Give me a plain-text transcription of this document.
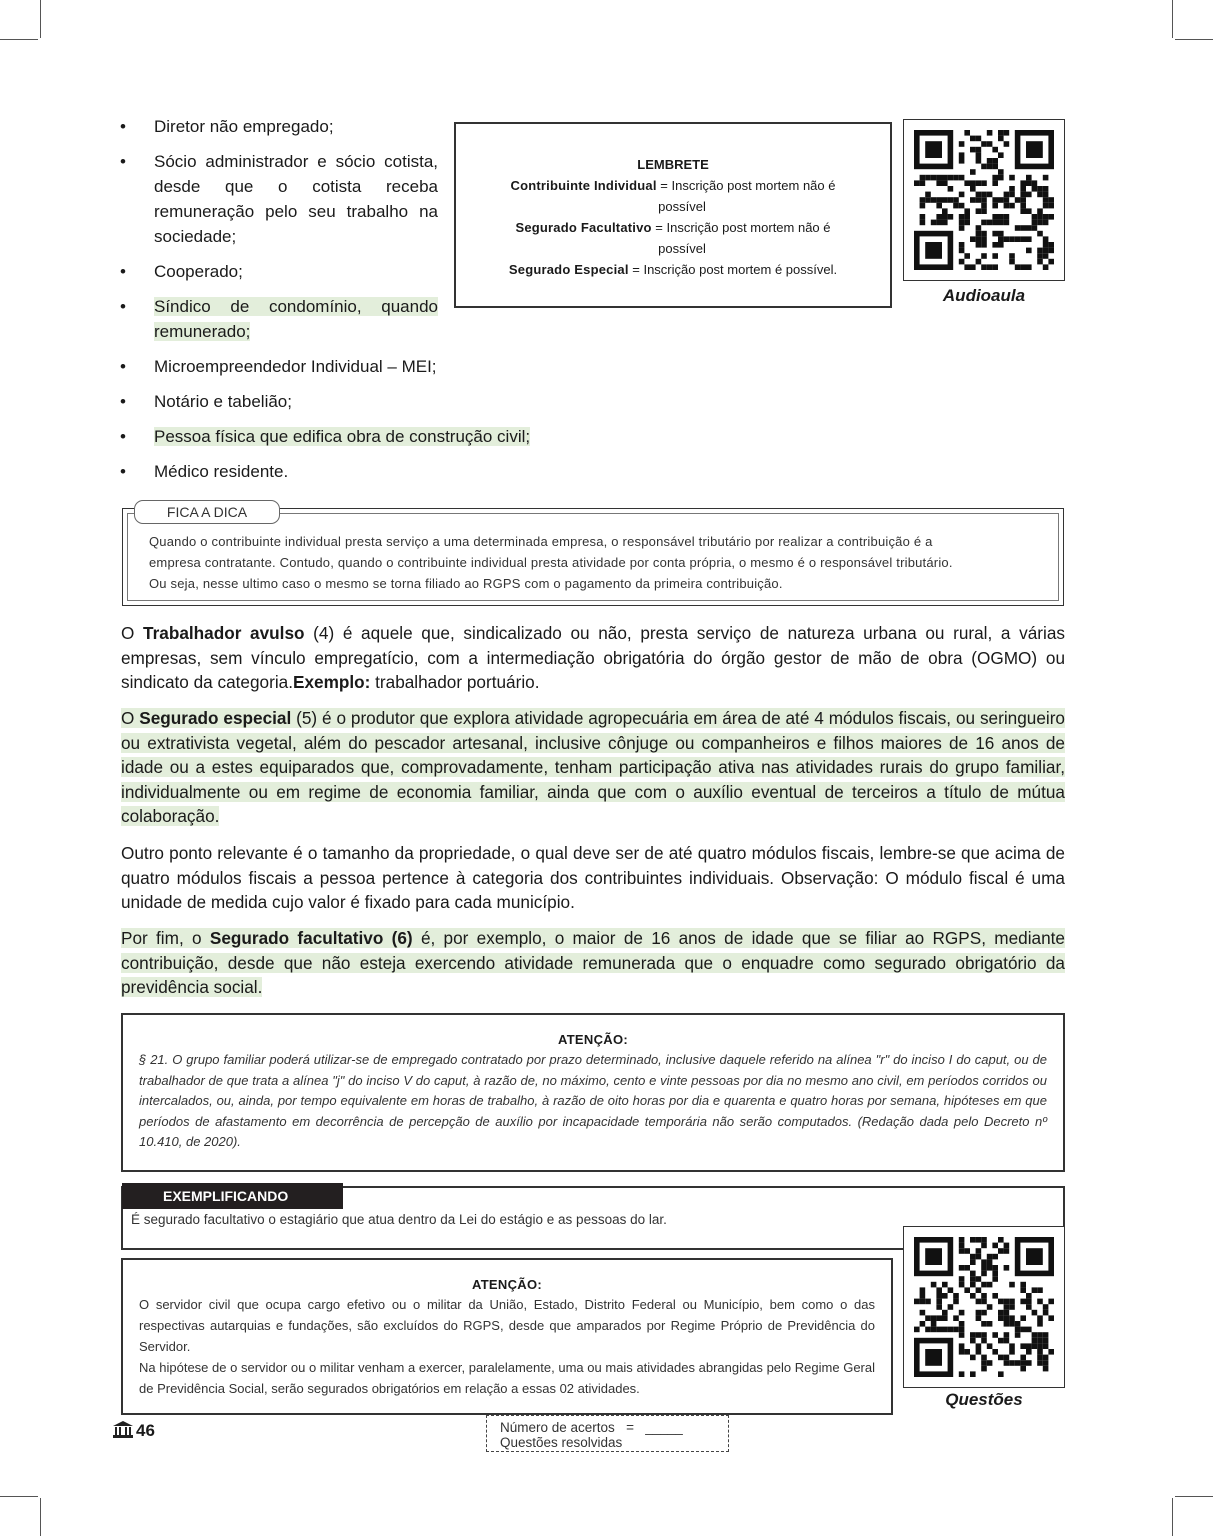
• Diretor não empregado;
• Sócio administrador e sócio cotista, desde que o cotista receba remuneração pelo seu trabalho na sociedade;
• Cooperado;
• Síndico de condomínio, quando remunerado;
• Microempreendedor Individual – MEI;
• Notário e tabelião;
• Pessoa física que edifica obra de construção civil;
• Médico residente.
LEMBRETE
Contribuinte Individual = Inscrição post mortem não é
possível
Segurado Facultativo = Inscrição post mortem não é
possível
Segurado Especial = Inscrição post mortem é possível.
Audioaula
FICA A DICA
Quando o contribuinte individual presta serviço a uma determinada empresa, o responsável tributário por realizar a contribuição é a
empresa contratante. Contudo, quando o contribuinte individual presta atividade por conta própria, o mesmo é o responsável tributário.
Ou seja, nesse ultimo caso o mesmo se torna filiado ao RGPS com o pagamento da primeira contribuição.
O Trabalhador avulso (4) é aquele que, sindicalizado ou não, presta serviço de natureza urbana ou rural, a várias empresas, sem vínculo empregatício, com a intermediação obrigatória do órgão gestor de mão de obra (OGMO) ou sindicato da categoria.Exemplo: trabalhador portuário.
O Segurado especial (5) é o produtor que explora atividade agropecuária em área de até 4 módulos fiscais, ou seringueiro ou extrativista vegetal, além do pescador artesanal, inclusive cônjuge ou companheiros e filhos maiores de 16 anos de idade ou a estes equiparados que, comprovadamente, tenham participação ativa nas atividades rurais do grupo familiar, individualmente ou em regime de economia familiar, ainda que com o auxílio eventual de terceiros a título de mútua colaboração.
Outro ponto relevante é o tamanho da propriedade, o qual deve ser de até quatro módulos fiscais, lembre-se que acima de quatro módulos fiscais a pessoa pertence à categoria dos contribuintes individuais. Observação: O módulo fiscal é uma unidade de medida cujo valor é fixado para cada município.
Por fim, o Segurado facultativo (6) é, por exemplo, o maior de 16 anos de idade que se filiar ao RGPS, mediante contribuição, desde que não esteja exercendo atividade remunerada que o enquadre como segurado obrigatório da previdência social.
ATENÇÃO:
§ 21. O grupo familiar poderá utilizar-se de empregado contratado por prazo determinado, inclusive daquele referido na alínea "r" do inciso I do caput, ou de trabalhador de que trata a alínea "j" do inciso V do caput, à razão de, no máximo, cento e vinte pessoas por dia no mesmo ano civil, em períodos corridos ou intercalados, ou, ainda, por tempo equivalente em horas de trabalho, à razão de oito horas por dia e quarenta e quatro horas por semana, hipóteses em que períodos de afastamento em decorrência de percepção de auxílio por incapacidade temporária não serão computados. (Redação dada pelo Decreto nº 10.410, de 2020).
EXEMPLIFICANDO
É segurado facultativo o estagiário que atua dentro da Lei do estágio e as pessoas do lar.
ATENÇÃO:
O servidor civil que ocupa cargo efetivo ou o militar da União, Estado, Distrito Federal ou Município, bem como o das respectivas autarquias e fundações, são excluídos do RGPS, desde que amparados por Regime Próprio de Previdência do Servidor.
Na hipótese de o servidor ou o militar venham a exercer, paralelamente, uma ou mais atividades abrangidas pelo Regime Geral de Previdência Social, serão segurados obrigatórios em relação a essas 02 atividades.
Questões
46	Número de acertos = _____
Questões resolvidas
